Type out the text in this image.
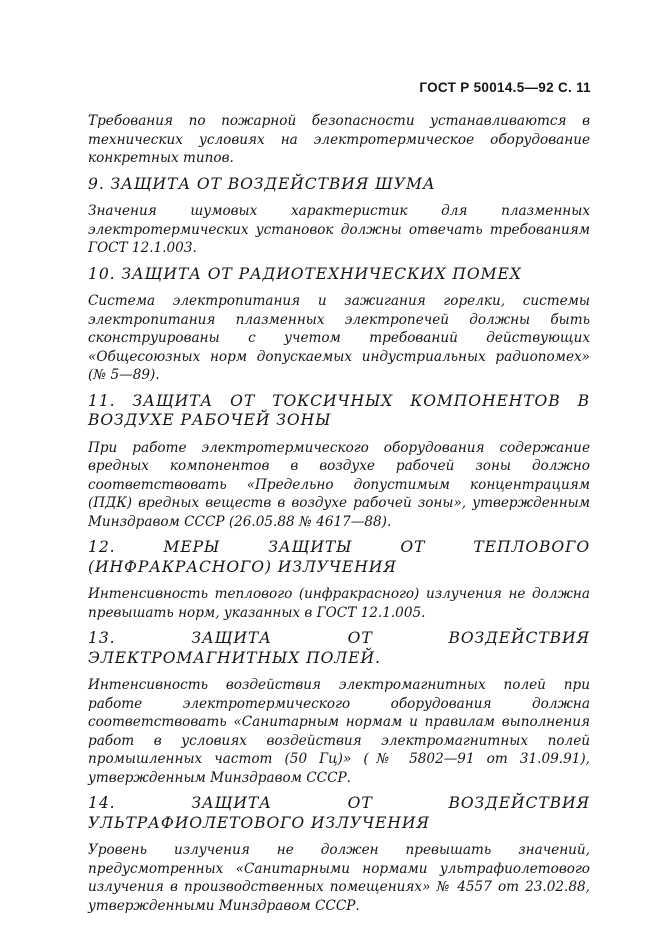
ГОСТ Р 50014.5—92 С. 11

Требования по пожарной безопасности устанавливаются в технических условиях на электротермическое оборудование конкретных типов.

9. ЗАЩИТА ОТ ВОЗДЕЙСТВИЯ ШУМА

Значения шумовых характеристик для плазменных электротермических установок должны отвечать требованиям ГОСТ 12.1.003.

10. ЗАЩИТА ОТ РАДИОТЕХНИЧЕСКИХ ПОМЕХ

Система электропитания и зажигания горелки, системы электропитания плазменных электропечей должны быть сконструированы с учетом требований действующих «Общесоюзных норм допускаемых индустриальных радиопомех» (№ 5—89).

11. ЗАЩИТА ОТ ТОКСИЧНЫХ КОМПОНЕНТОВ В ВОЗДУХЕ РАБОЧЕЙ ЗОНЫ

При работе электротермического оборудования содержание вредных компонентов в воздухе рабочей зоны должно соответствовать «Предельно допустимым концентрациям (ПДК) вредных веществ в воздухе рабочей зоны», утвержденным Минздравом СССР (26.05.88 № 4617—88).

12. МЕРЫ ЗАЩИТЫ ОТ ТЕПЛОВОГО (ИНФРАКРАСНОГО) ИЗЛУЧЕНИЯ

Интенсивность теплового (инфракрасного) излучения не должна превышать норм, указанных в ГОСТ 12.1.005.

13. ЗАЩИТА ОТ ВОЗДЕЙСТВИЯ ЭЛЕКТРОМАГНИТНЫХ ПОЛЕЙ.

Интенсивность воздействия электромагнитных полей при работе электротермического оборудования должна соответствовать «Санитарным нормам и правилам выполнения работ в условиях воздействия электромагнитных полей промышленных частот (50 Гц)» (№ 5802—91 от 31.09.91), утвержденным Минздравом СССР.

14. ЗАЩИТА ОТ ВОЗДЕЙСТВИЯ УЛЬТРАФИОЛЕТОВОГО ИЗЛУЧЕНИЯ

Уровень излучения не должен превышать значений, предусмотренных «Санитарными нормами ультрафиолетового излучения в производственных помещениях» № 4557 от 23.02.88, утвержденными Минздравом СССР.
